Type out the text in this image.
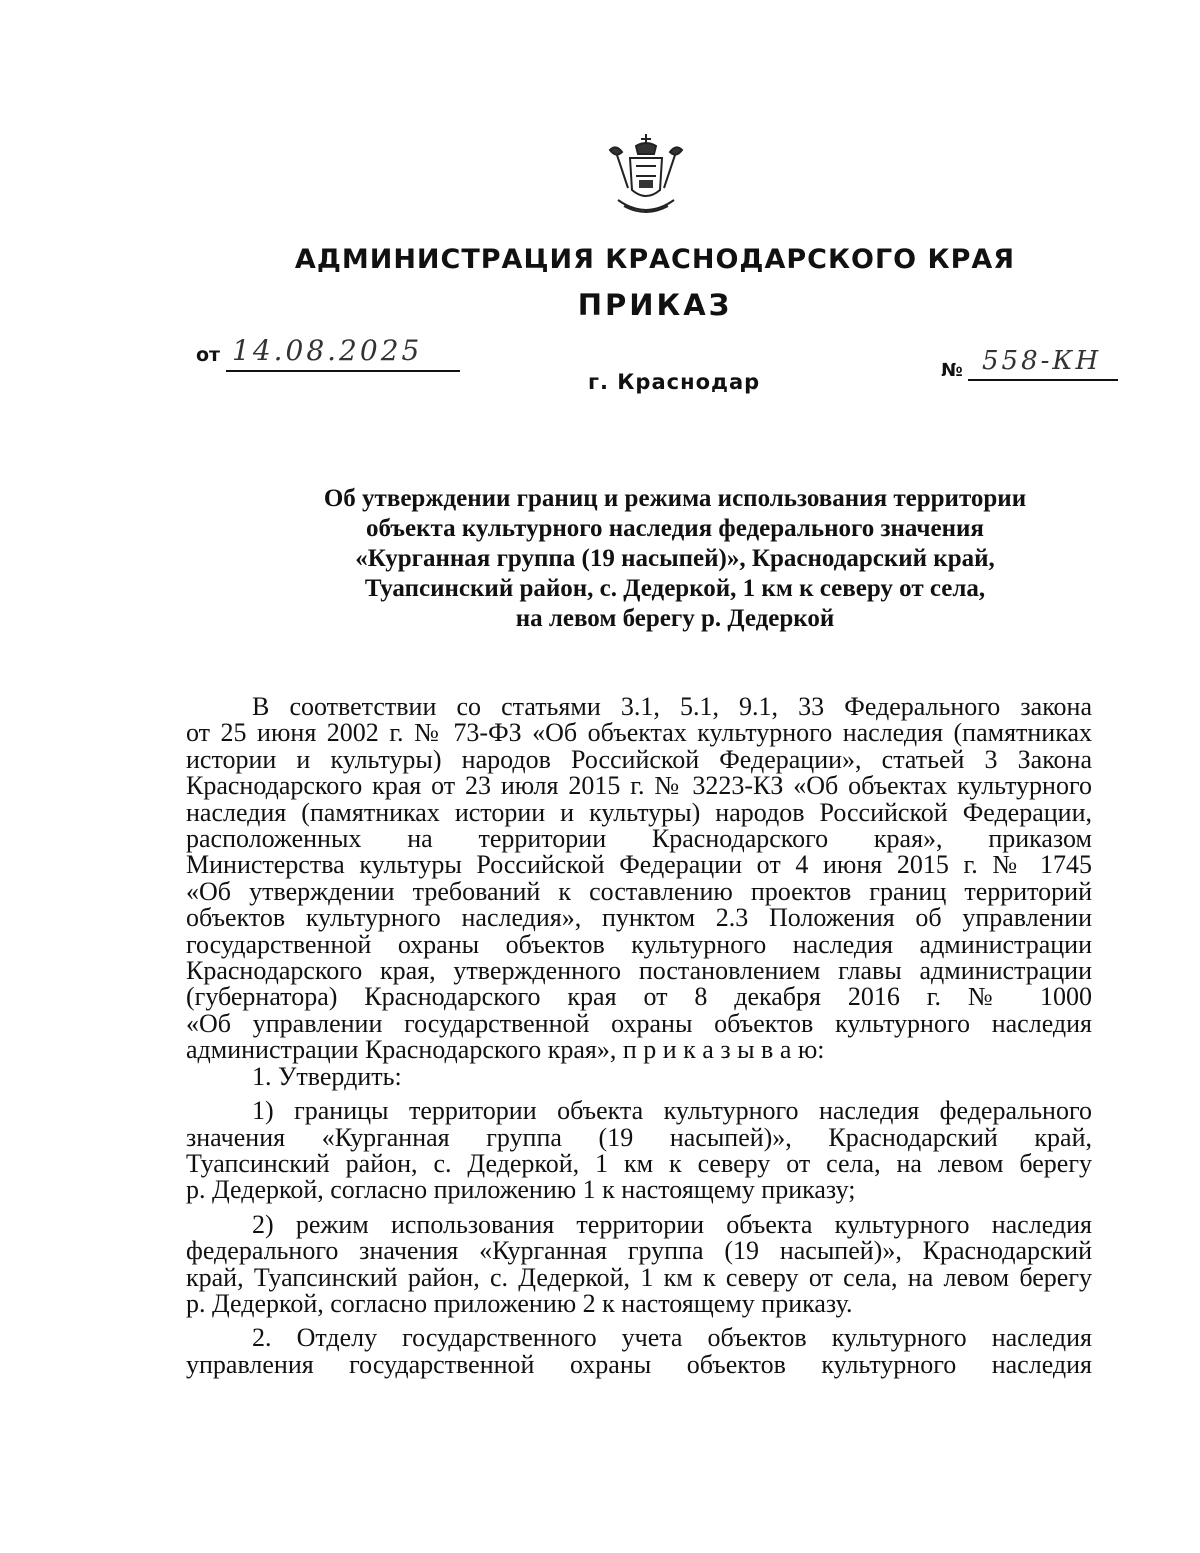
АДМИНИСТРАЦИЯ КРАСНОДАРСКОГО КРАЯ
ПРИКАЗ
от 14.08.2025
г. Краснодар	№ 558-КН
Об утверждении границ и режима использования территории
объекта культурного наследия федерального значения
«Курганная группа (19 насыпей)», Краснодарский край,
Туапсинский район, с. Дедеркой, 1 км к северу от села,
на левом берегу р. Дедеркой
В соответствии со статьями 3.1, 5.1, 9.1, 33 Федерального закона
от 25 июня 2002 г. № 73-ФЗ «Об объектах культурного наследия (памятниках
истории и культуры) народов Российской Федерации», статьей 3 Закона
Краснодарского края от 23 июля 2015 г. № 3223-КЗ «Об объектах культурного
наследия (памятниках истории и культуры) народов Российской Федерации,
расположенных на территории Краснодарского края», приказом
Министерства культуры Российской Федерации от 4 июня 2015 г. № 1745
«Об утверждении требований к составлению проектов границ территорий
объектов культурного наследия», пунктом 2.3 Положения об управлении
государственной охраны объектов культурного наследия администрации
Краснодарского края, утвержденного постановлением главы администрации
(губернатора) Краснодарского края от 8 декабря 2016 г. № 1000
«Об управлении государственной охраны объектов культурного наследия
администрации Краснодарского края», п р и к а з ы в а ю:
1. Утвердить:
1) границы территории объекта культурного наследия федерального
значения «Курганная группа (19 насыпей)», Краснодарский край,
Туапсинский район, с. Дедеркой, 1 км к северу от села, на левом берегу
р. Дедеркой, согласно приложению 1 к настоящему приказу;
2) режим использования территории объекта культурного наследия
федерального значения «Курганная группа (19 насыпей)», Краснодарский
край, Туапсинский район, с. Дедеркой, 1 км к северу от села, на левом берегу
р. Дедеркой, согласно приложению 2 к настоящему приказу.
2. Отделу государственного учета объектов культурного наследия
управления государственной охраны объектов культурного наследия
